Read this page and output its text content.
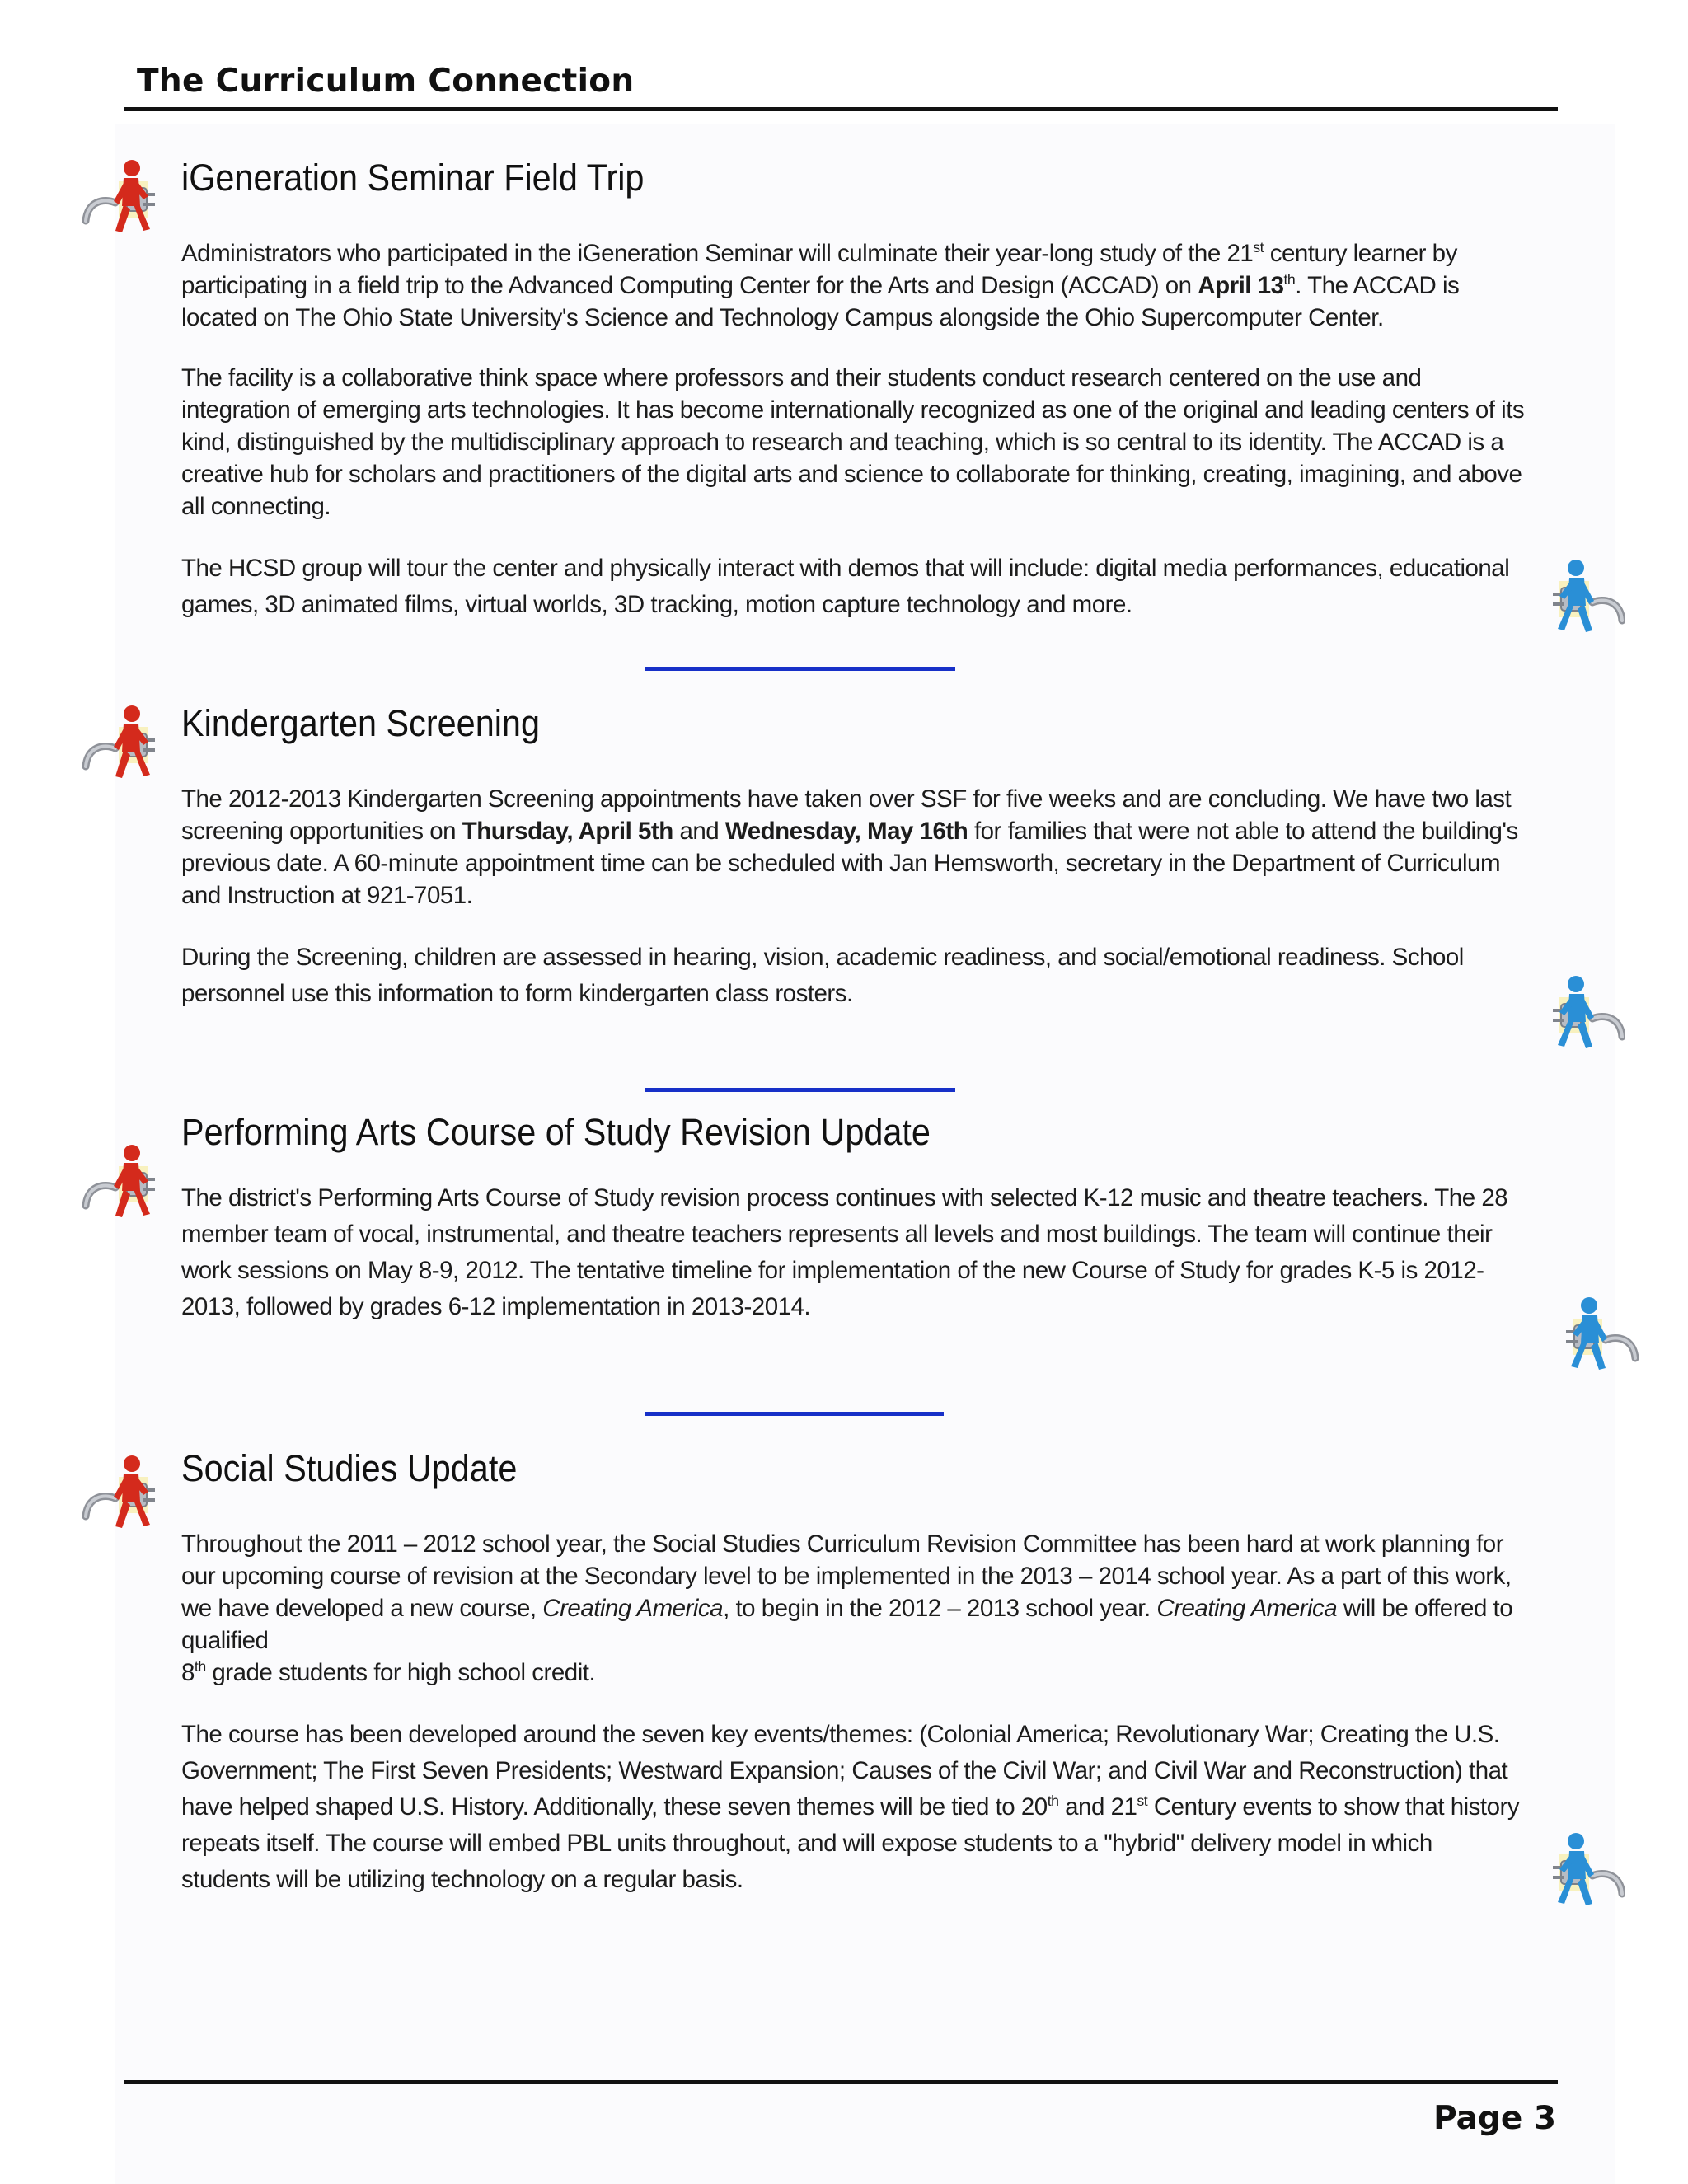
The Curriculum Connection
iGeneration Seminar Field Trip

Administrators who participated in the iGeneration Seminar will culminate their year-long study of the 21st century learner by participating in a field trip to the Advanced Computing Center for the Arts and Design (ACCAD) on April 13th. The ACCAD is located on The Ohio State University's Science and Technology Campus alongside the Ohio Supercomputer Center.

The facility is a collaborative think space where professors and their students conduct research centered on the use and integration of emerging arts technologies. It has become internationally recognized as one of the original and leading centers of its kind, distinguished by the multidisciplinary approach to research and teaching, which is so central to its identity. The ACCAD is a creative hub for scholars and practitioners of the digital arts and science to collaborate for thinking, creating, imagining, and above all connecting.

The HCSD group will tour the center and physically interact with demos that will include: digital media performances, educational games, 3D animated films, virtual worlds, 3D tracking, motion capture technology and more.

Kindergarten Screening

The 2012-2013 Kindergarten Screening appointments have taken over SSF for five weeks and are concluding. We have two last screening opportunities on Thursday, April 5th and Wednesday, May 16th for families that were not able to attend the building's previous date. A 60-minute appointment time can be scheduled with Jan Hemsworth, secretary in the Department of Curriculum and Instruction at 921-7051.

During the Screening, children are assessed in hearing, vision, academic readiness, and social/emotional readiness. School personnel use this information to form kindergarten class rosters.

Performing Arts Course of Study Revision Update

The district's Performing Arts Course of Study revision process continues with selected K-12 music and theatre teachers. The 28 member team of vocal, instrumental, and theatre teachers represents all levels and most buildings. The team will continue their work sessions on May 8-9, 2012. The tentative timeline for implementation of the new Course of Study for grades K-5 is 2012-2013, followed by grades 6-12 implementation in 2013-2014.

Social Studies Update

Throughout the 2011 – 2012 school year, the Social Studies Curriculum Revision Committee has been hard at work planning for our upcoming course of revision at the Secondary level to be implemented in the 2013 – 2014 school year. As a part of this work, we have developed a new course, Creating America, to begin in the 2012 – 2013 school year. Creating America will be offered to qualified
8th grade students for high school credit.

The course has been developed around the seven key events/themes: (Colonial America; Revolutionary War; Creating the U.S. Government; The First Seven Presidents; Westward Expansion; Causes of the Civil War; and Civil War and Reconstruction) that have helped shaped U.S. History. Additionally, these seven themes will be tied to 20th and 21st Century events to show that history repeats itself. The course will embed PBL units throughout, and will expose students to a "hybrid" delivery model in which students will be utilizing technology on a regular basis.

Page 3
